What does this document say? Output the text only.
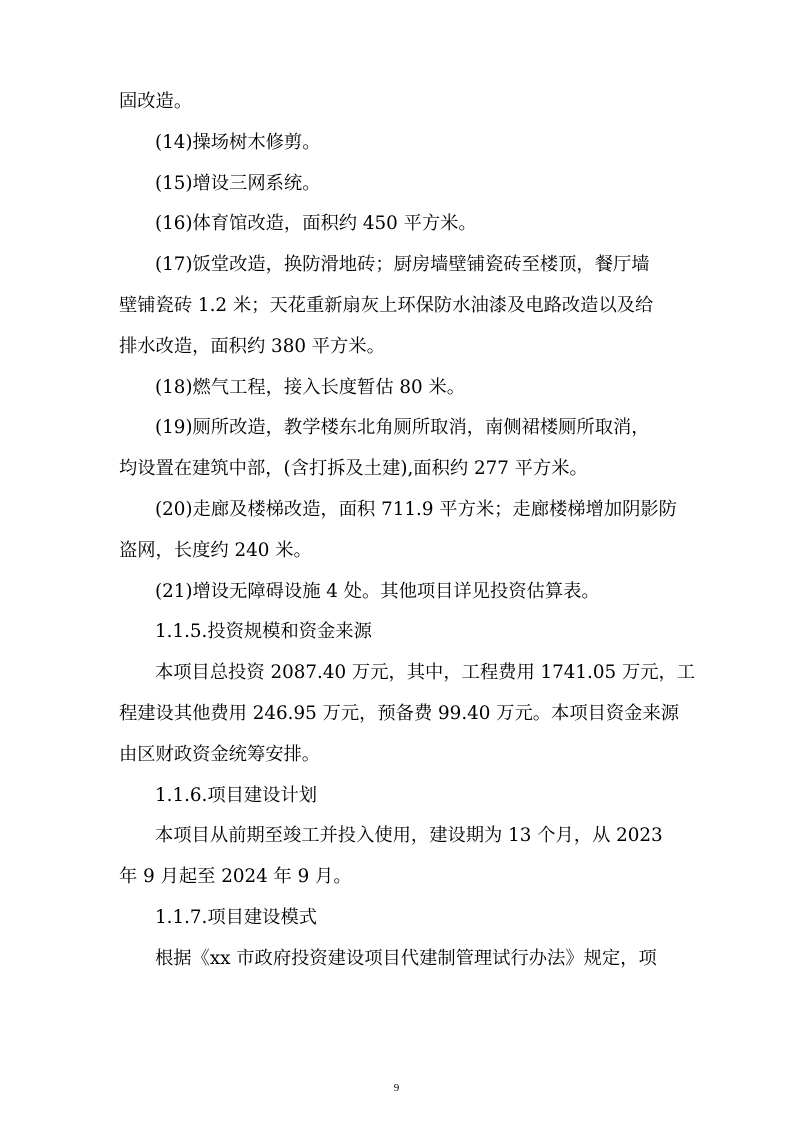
固改造。
(14)操场树木修剪。
(15)增设三网系统。
(16)体育馆改造，面积约 450 平方米。
(17)饭堂改造，换防滑地砖；厨房墙壁铺瓷砖至楼顶，餐厅墙
壁铺瓷砖 1.2 米；天花重新扇灰上环保防水油漆及电路改造以及给
排水改造，面积约 380 平方米。
(18)燃气工程，接入长度暂估 80 米。
(19)厕所改造，教学楼东北角厕所取消，南侧裙楼厕所取消，
均设置在建筑中部，(含打拆及土建),面积约 277 平方米。
(20)走廊及楼梯改造，面积 711.9 平方米；走廊楼梯增加阴影防
盗网，长度约 240 米。
(21)增设无障碍设施 4 处。其他项目详见投资估算表。
1.1.5.投资规模和资金来源
本项目总投资 2087.40 万元，其中，工程费用 1741.05 万元，工
程建设其他费用 246.95 万元，预备费 99.40 万元。本项目资金来源
由区财政资金统筹安排。
1.1.6.项目建设计划
本项目从前期至竣工并投入使用，建设期为 13 个月，从 2023
年 9 月起至 2024 年 9 月。
1.1.7.项目建设模式
根据《xx 市政府投资建设项目代建制管理试行办法》规定，项
9
